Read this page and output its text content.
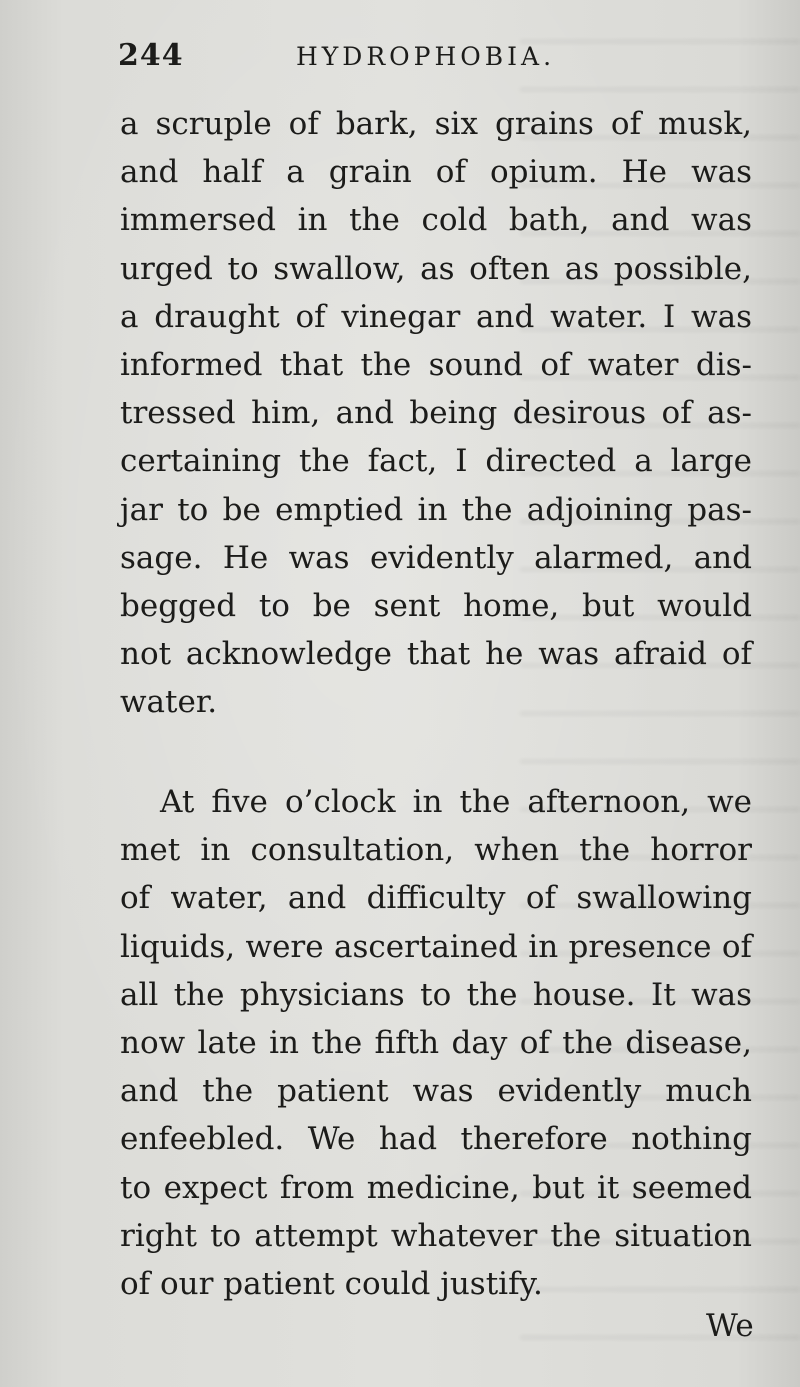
244	HYDROPHOBIA.
a scruple of bark, six grains of musk,
and half a grain of opium. He was
immersed in the cold bath, and was
urged to swallow, as often as possible,
a draught of vinegar and water. I was
informed that the sound of water dis-
tressed him, and being desirous of as-
certaining the fact, I directed a large
jar to be emptied in the adjoining pas-
sage. He was evidently alarmed, and
begged to be sent home, but would
not acknowledge that he was afraid of
water.
At five o’clock in the afternoon, we
met in consultation, when the horror
of water, and difficulty of swallowing
liquids, were ascertained in presence of
all the physicians to the house. It was
now late in the fifth day of the disease,
and the patient was evidently much
enfeebled. We had therefore nothing
to expect from medicine, but it seemed
right to attempt whatever the situation
of our patient could justify.
We
